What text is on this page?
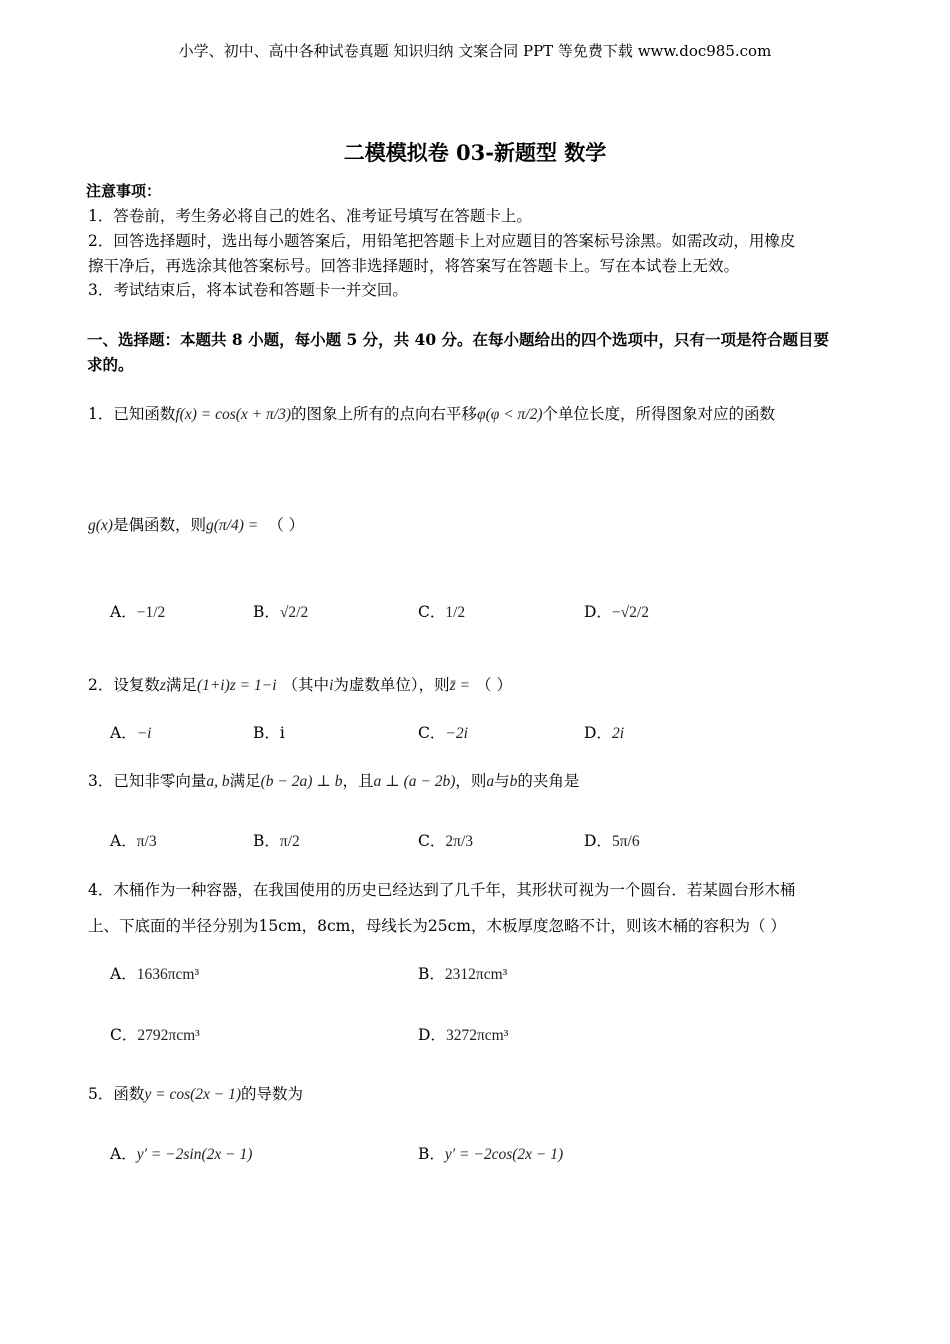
小学、初中、高中各种试卷真题 知识归纳 文案合同 PPT 等免费下载 www.doc985.com
二模模拟卷 03-新题型 数学
注意事项：
1．答卷前，考生务必将自己的姓名、准考证号填写在答题卡上。
2．回答选择题时，选出每小题答案后，用铅笔把答题卡上对应题目的答案标号涂黑。如需改动，用橡皮
擦干净后，再选涂其他答案标号。回答非选择题时，将答案写在答题卡上。写在本试卷上无效。
3．考试结束后，将本试卷和答题卡一并交回。
一、选择题：本题共 8 小题，每小题 5 分，共 40 分。在每小题给出的四个选项中，只有一项是符合题目要
求的。
1．已知函数f(x) = cos(x + π/3)的图象上所有的点向右平移φ(φ < π/2)个单位长度，所得图象对应的函数
g(x)是偶函数，则g(π/4) = （ ）
A．−1/2	B．√2/2	C．1/2	D．−√2/2
2．设复数z满足(1+i)z = 1−i （其中i为虚数单位），则z̄ = （ ）
A．−i	B．i	C．−2i	D．2i
3．已知非零向量a, b满足(b − 2a) ⊥ b，且a ⊥ (a − 2b)，则a与b的夹角是
A．π/3	B．π/2	C．2π/3	D．5π/6
4．木桶作为一种容器，在我国使用的历史已经达到了几千年，其形状可视为一个圆台．若某圆台形木桶
上、下底面的半径分别为15cm，8cm，母线长为25cm，木板厚度忽略不计，则该木桶的容积为（ ）
A．1636πcm³	B．2312πcm³
C．2792πcm³	D．3272πcm³
5．函数y = cos(2x − 1)的导数为
A．y′ = −2sin(2x − 1)	B．y′ = −2cos(2x − 1)
